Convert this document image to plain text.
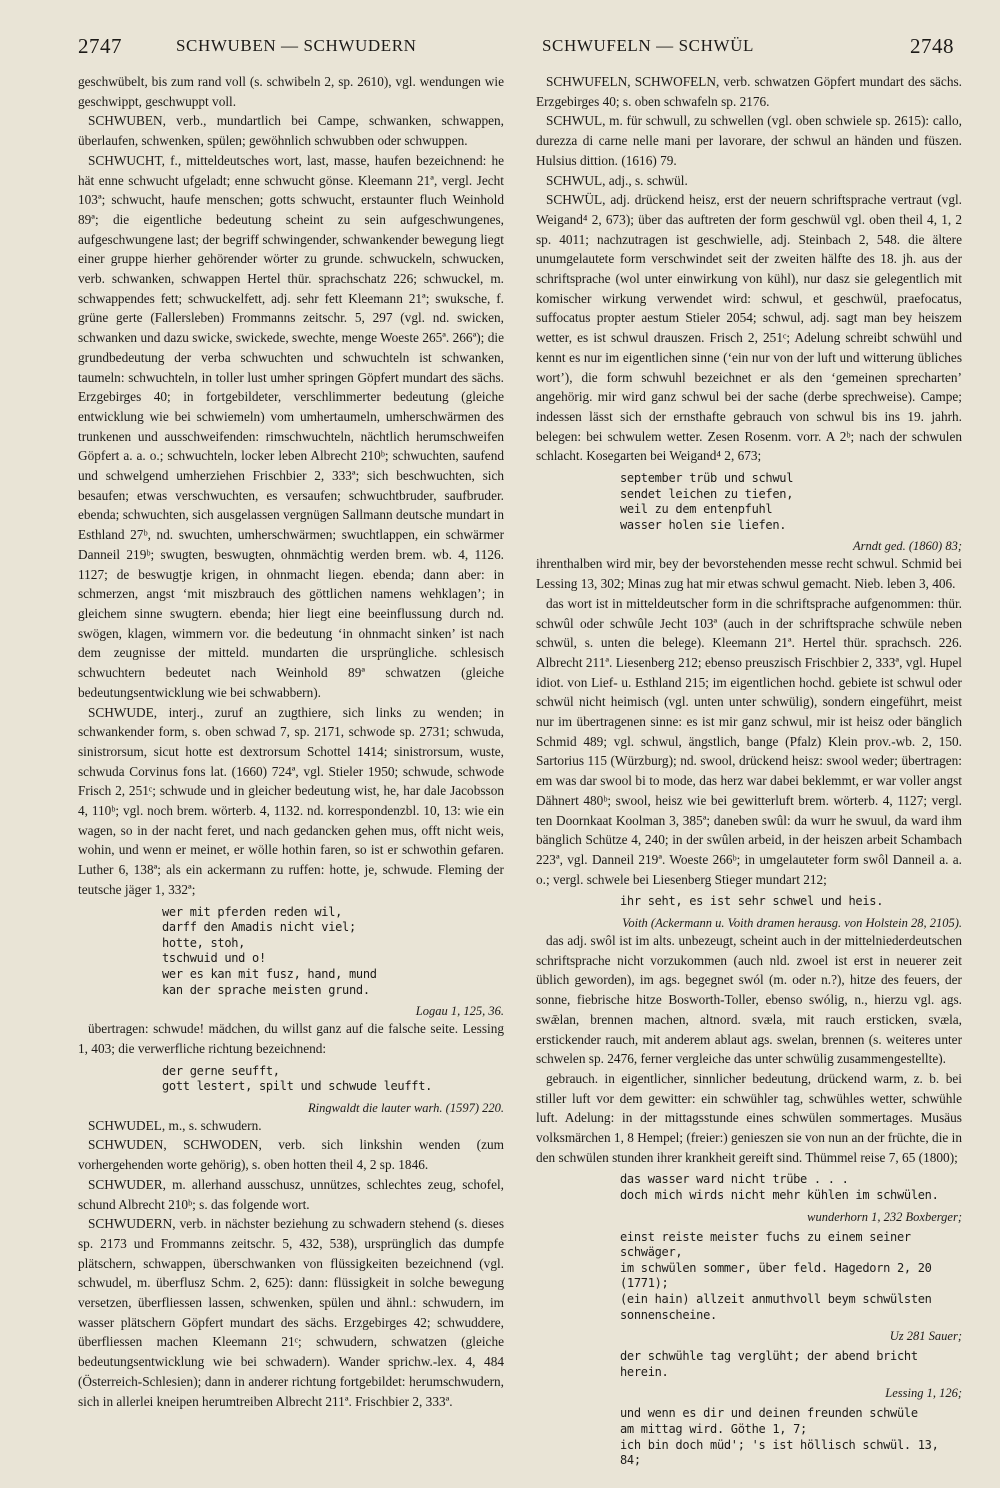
2747	SCHWUBEN — SCHWUDERN	SCHWUFELN — SCHWÜL	2748

geschwübelt, bis zum rand voll (s. schwibeln 2, sp. 2610), vgl. wendungen wie geschwippt, geschwuppt voll.

SCHWUBEN, verb., mundartlich bei Campe, schwanken, schwappen, überlaufen, schwenken, spülen; gewöhnlich schwubben oder schwuppen.

SCHWUCHT, f., mitteldeutsches wort, last, masse, haufen bezeichnend: he hät enne schwucht ufgeladt; enne schwucht gönse. Kleemann 21ª, vergl. Jecht 103ª; schwucht, haufe menschen; gotts schwucht, erstaunter fluch Weinhold 89ª; die eigentliche bedeutung scheint zu sein aufgeschwungenes, aufgeschwungene last; der begriff schwingender, schwankender bewegung liegt einer gruppe hierher gehörender wörter zu grunde. schwuckeln, schwucken, verb. schwanken, schwappen Hertel thür. sprachschatz 226; schwuckel, m. schwappendes fett; schwuckelfett, adj. sehr fett Kleemann 21ª; swuksche, f. grüne gerte (Fallersleben) Frommanns zeitschr. 5, 297 (vgl. nd. swicken, schwanken und dazu swicke, swickede, swechte, menge Woeste 265ª. 266ª); die grundbedeutung der verba schwuchten und schwuchteln ist schwanken, taumeln: schwuchteln, in toller lust umher springen Göpfert mundart des sächs. Erzgebirges 40; in fortgebildeter, verschlimmerter bedeutung (gleiche entwicklung wie bei schwiemeln) vom umhertaumeln, umherschwärmen des trunkenen und ausschweifenden: rimschwuchteln, nächtlich herumschweifen Göpfert a. a. o.; schwuchteln, locker leben Albrecht 210ᵇ; schwuchten, saufend und schwelgend umherziehen Frischbier 2, 333ª; sich beschwuchten, sich besaufen; etwas verschwuchten, es versaufen; schwuchtbruder, saufbruder. ebenda; schwuchten, sich ausgelassen vergnügen Sallmann deutsche mundart in Esthland 27ᵇ, nd. swuchten, umherschwärmen; swuchtlappen, ein schwärmer Danneil 219ᵇ; swugten, beswugten, ohnmächtig werden brem. wb. 4, 1126. 1127; de beswugtje krigen, in ohnmacht liegen. ebenda; dann aber: in schmerzen, angst ‘mit miszbrauch des göttlichen namens wehklagen’; in gleichem sinne swugtern. ebenda; hier liegt eine beeinflussung durch nd. swögen, klagen, wimmern vor. die bedeutung ‘in ohnmacht sinken’ ist nach dem zeugnisse der mitteld. mundarten die ursprüngliche. schlesisch schwuchtern bedeutet nach Weinhold 89ª schwatzen (gleiche bedeutungsentwicklung wie bei schwabbern).

SCHWUDE, interj., zuruf an zugthiere, sich links zu wenden; in schwankender form, s. oben schwad 7, sp. 2171, schwode sp. 2731; schwuda, sinistrorsum, sicut hotte est dextrorsum Schottel 1414; sinistrorsum, wuste, schwuda Corvinus fons lat. (1660) 724ª, vgl. Stieler 1950; schwude, schwode Frisch 2, 251ᶜ; schwude und in gleicher bedeutung wist, he, har dale Jacobsson 4, 110ᵇ; vgl. noch brem. wörterb. 4, 1132. nd. korrespondenzbl. 10, 13: wie ein wagen, so in der nacht feret, und nach gedancken gehen mus, offt nicht weis, wohin, und wenn er meinet, er wölle hothin faren, so ist er schwothin gefaren. Luther 6, 138ª; als ein ackermann zu ruffen: hotte, je, schwude. Fleming der teutsche jäger 1, 332ª;

wer mit pferden reden wil,
darff den Amadis nicht viel;
hotte, stoh,
tschwuid und o!
wer es kan mit fusz, hand, mund
kan der sprache meisten grund.
Logau 1, 125, 36.

übertragen: schwude! mädchen, du willst ganz auf die falsche seite. Lessing 1, 403; die verwerfliche richtung bezeichnend:

der gerne seufft,
gott lestert, spilt und schwude leufft.
Ringwaldt die lauter warh. (1597) 220.

SCHWUDEL, m., s. schwudern.

SCHWUDEN, SCHWODEN, verb. sich linkshin wenden (zum vorhergehenden worte gehörig), s. oben hotten theil 4, 2 sp. 1846.

SCHWUDER, m. allerhand ausschusz, unnützes, schlechtes zeug, schofel, schund Albrecht 210ᵇ; s. das folgende wort.

SCHWUDERN, verb. in nächster beziehung zu schwadern stehend (s. dieses sp. 2173 und Frommanns zeitschr. 5, 432, 538), ursprünglich das dumpfe plätschern, schwappen, überschwanken von flüssigkeiten bezeichnend (vgl. schwudel, m. überflusz Schm. 2, 625): dann: flüssigkeit in solche bewegung versetzen, überfliessen lassen, schwenken, spülen und ähnl.: schwudern, im wasser plätschern Göpfert mundart des sächs. Erzgebirges 42; schwuddere, überfliessen machen Kleemann 21ᶜ; schwudern, schwatzen (gleiche bedeutungsentwicklung wie bei schwadern). Wander sprichw.-lex. 4, 484 (Österreich-Schlesien); dann in anderer richtung fortgebildet: herumschwudern, sich in allerlei kneipen herumtreiben Albrecht 211ª. Frischbier 2, 333ª.

SCHWUFELN, SCHWOFELN, verb. schwatzen Göpfert mundart des sächs. Erzgebirges 40; s. oben schwafeln sp. 2176.

SCHWUL, m. für schwull, zu schwellen (vgl. oben schwiele sp. 2615): callo, durezza di carne nelle mani per lavorare, der schwul an händen und füszen. Hulsius dittion. (1616) 79.

SCHWUL, adj., s. schwül.

SCHWÜL, adj. drückend heisz, erst der neuern schriftsprache vertraut (vgl. Weigand⁴ 2, 673); über das auftreten der form geschwül vgl. oben theil 4, 1, 2 sp. 4011; nachzutragen ist geschwielle, adj. Steinbach 2, 548. die ältere unumgelautete form verschwindet seit der zweiten hälfte des 18. jh. aus der schriftsprache (wol unter einwirkung von kühl), nur dasz sie gelegentlich mit komischer wirkung verwendet wird: schwul, et geschwül, praefocatus, suffocatus propter aestum Stieler 2054; schwul, adj. sagt man bey heiszem wetter, es ist schwul drauszen. Frisch 2, 251ᶜ; Adelung schreibt schwühl und kennt es nur im eigentlichen sinne (‘ein nur von der luft und witterung übliches wort’), die form schwuhl bezeichnet er als den ‘gemeinen sprecharten’ angehörig. mir wird ganz schwul bei der sache (derbe sprechweise). Campe; indessen lässt sich der ernsthafte gebrauch von schwul bis ins 19. jahrh. belegen: bei schwulem wetter. Zesen Rosenm. vorr. A 2ᵇ; nach der schwulen schlacht. Kosegarten bei Weigand⁴ 2, 673;

september trüb und schwul
sendet leichen zu tiefen,
weil zu dem entenpfuhl
wasser holen sie liefen.
Arndt ged. (1860) 83;

ihrenthalben wird mir, bey der bevorstehenden messe recht schwul. Schmid bei Lessing 13, 302; Minas zug hat mir etwas schwul gemacht. Nieb. leben 3, 406.

das wort ist in mitteldeutscher form in die schriftsprache aufgenommen: thür. schwûl oder schwûle Jecht 103ª (auch in der schriftsprache schwüle neben schwül, s. unten die belege). Kleemann 21ª. Hertel thür. sprachsch. 226. Albrecht 211ª. Liesenberg 212; ebenso preuszisch Frischbier 2, 333ª, vgl. Hupel idiot. von Lief- u. Esthland 215; im eigentlichen hochd. gebiete ist schwul oder schwül nicht heimisch (vgl. unten unter schwülig), sondern eingeführt, meist nur im übertragenen sinne: es ist mir ganz schwul, mir ist heisz oder bänglich Schmid 489; vgl. schwul, ängstlich, bange (Pfalz) Klein prov.-wb. 2, 150. Sartorius 115 (Würzburg); nd. swool, drückend heisz: swool weder; übertragen: em was dar swool bi to mode, das herz war dabei beklemmt, er war voller angst Dähnert 480ᵇ; swool, heisz wie bei gewitterluft brem. wörterb. 4, 1127; vergl. ten Doornkaat Koolman 3, 385ª; daneben swûl: da wurr he swuul, da ward ihm bänglich Schütze 4, 240; in der swûlen arbeid, in der heiszen arbeit Schambach 223ª, vgl. Danneil 219ª. Woeste 266ᵇ; in umgelauteter form swôl Danneil a. a. o.; vergl. schwele bei Liesenberg Stieger mundart 212;

ihr seht, es ist sehr schwel und heis.
Voith (Ackermann u. Voith dramen herausg. von Holstein 28, 2105).

das adj. swôl ist im alts. unbezeugt, scheint auch in der mittelniederdeutschen schriftsprache nicht vorzukommen (auch nld. zwoel ist erst in neuerer zeit üblich geworden), im ags. begegnet swól (m. oder n.?), hitze des feuers, der sonne, fiebrische hitze Bosworth-Toller, ebenso swólig, n., hierzu vgl. ags. swǣlan, brennen machen, altnord. svæla, mit rauch ersticken, svæla, erstickender rauch, mit anderem ablaut ags. swelan, brennen (s. weiteres unter schwelen sp. 2476, ferner vergleiche das unter schwülig zusammengestellte).

gebrauch. in eigentlicher, sinnlicher bedeutung, drückend warm, z. b. bei stiller luft vor dem gewitter: ein schwühler tag, schwühles wetter, schwühle luft. Adelung: in der mittagsstunde eines schwülen sommertages. Musäus volksmärchen 1, 8 Hempel; (freier:) genieszen sie von nun an der früchte, die in den schwülen stunden ihrer krankheit gereift sind. Thümmel reise 7, 65 (1800);

das wasser ward nicht trübe . . .
doch mich wirds nicht mehr kühlen im schwülen.
wunderhorn 1, 232 Boxberger;
einst reiste meister fuchs zu einem seiner schwäger,
im schwülen sommer, über feld. Hagedorn 2, 20 (1771);
(ein hain) allzeit anmuthvoll beym schwülsten sonnenscheine.
Uz 281 Sauer;
der schwühle tag verglüht; der abend bricht herein.
Lessing 1, 126;
und wenn es dir und deinen freunden schwüle
am mittag wird. Göthe 1, 7;
ich bin doch müd'; 's ist höllisch schwül. 13, 84;
